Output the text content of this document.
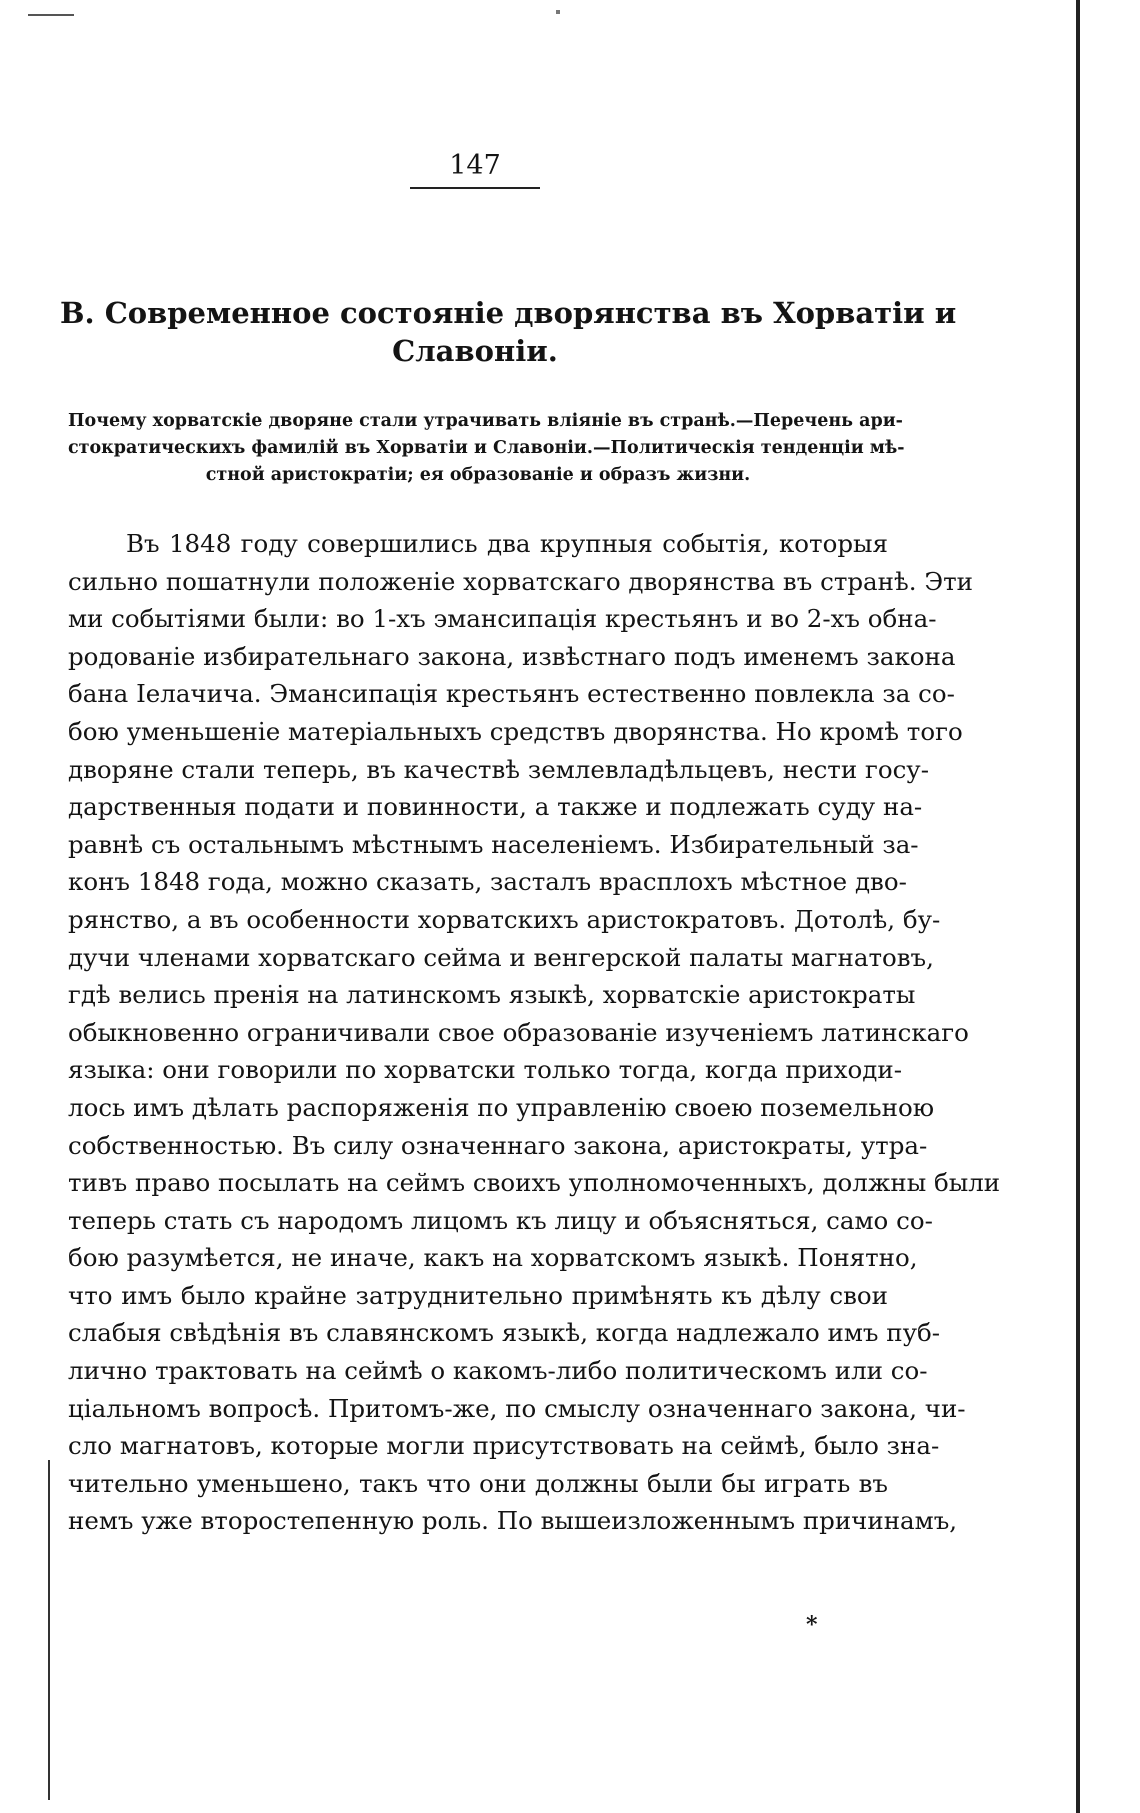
147
В. Современное состоянiе дворянства въ Хорватiи и
Славонiи.

Почему хорватскiе дворяне стали утрачивать влiянiе въ странѣ.—Перечень ари-
стократическихъ фамилiй въ Хорватiи и Славонiи.—Политическiя тенденцiи мѣ-
стной аристократiи; ея образованiе и образъ жизни.

Въ 1848 году совершились два крупныя событiя, которыя
сильно пошатнули положенiе хорватскаго дворянства въ странѣ. Эти
ми событiями были: во 1-хъ эмансипацiя крестьянъ и во 2-хъ обна-
родованiе избирательнаго закона, извѣстнаго подъ именемъ закона
бана Iелачича. Эмансипацiя крестьянъ естественно повлекла за со-
бою уменьшенiе матерiальныхъ средствъ дворянства. Но кромѣ того
дворяне стали теперь, въ качествѣ землевладѣльцевъ, нести госу-
дарственныя подати и повинности, а также и подлежать суду на-
равнѣ съ остальнымъ мѣстнымъ населенiемъ. Избирательный за-
конъ 1848 года, можно сказать, засталъ врасплохъ мѣстное дво-
рянство, а въ особенности хорватскихъ аристократовъ. Дотолѣ, бу-
дучи членами хорватскаго сейма и венгерской палаты магнатовъ,
гдѣ велись пренiя на латинскомъ языкѣ, хорватскiе аристократы
обыкновенно ограничивали свое образованiе изученiемъ латинскаго
языка: они говорили по хорватски только тогда, когда приходи-
лось имъ дѣлать распоряженiя по управленiю своею поземельною
собственностью. Въ силу означеннаго закона, аристократы, утра-
тивъ право посылать на сеймъ своихъ уполномоченныхъ, должны были
теперь стать съ народомъ лицомъ къ лицу и объясняться, само со-
бою разумѣется, не иначе, какъ на хорватскомъ языкѣ. Понятно,
что имъ было крайне затруднительно примѣнять къ дѣлу свои
слабыя свѣдѣнiя въ славянскомъ языкѣ, когда надлежало имъ пуб-
лично трактовать на сеймѣ о какомъ-либо политическомъ или со-
цiальномъ вопросѣ. Притомъ-же, по смыслу означеннаго закона, чи-
сло магнатовъ, которые могли присутствовать на сеймѣ, было зна-
чительно уменьшено, такъ что они должны были бы играть въ
немъ уже второстепенную роль. По вышеизложеннымъ причинамъ,
*
